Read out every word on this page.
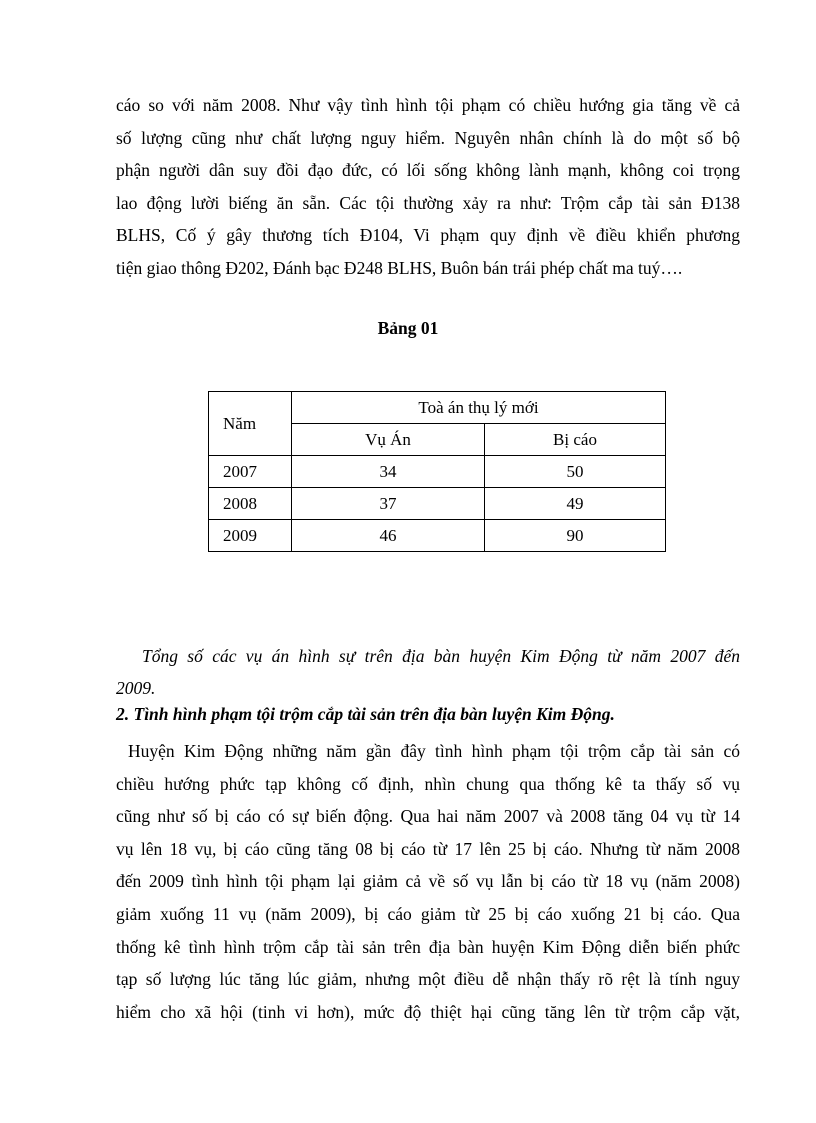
cáo so với năm 2008. Như vậy tình hình tội phạm có chiều hướng gia tăng về cả
số lượng cũng như chất lượng nguy hiểm. Nguyên nhân chính là do một số bộ
phận người dân suy đồi đạo đức, có lối sống không lành mạnh, không coi trọng
lao động lười biếng ăn sẵn. Các tội thường xảy ra như: Trộm cắp tài sản Đ138
BLHS, Cố ý gây thương tích Đ104, Vi phạm quy định về điều khiển phương
tiện giao thông Đ202, Đánh bạc Đ248 BLHS, Buôn bán trái phép chất ma tuý….

Bảng 01

Năm	Toà án thụ lý mới	
	Vụ Án	Bị cáo
2007	34	50
2008	37	49
2009	46	90
Tổng số các vụ án hình sự trên địa bàn huyện Kim Động từ năm 2007 đến
2009.

2. Tình hình phạm tội trộm cắp tài sản trên địa bàn luyện Kim Động.

Huyện Kim Động những năm gần đây tình hình phạm tội trộm cắp tài sản có
chiều hướng phức tạp không cố định, nhìn chung qua thống kê ta thấy số vụ
cũng như số bị cáo có sự biến động. Qua hai năm 2007 và 2008 tăng 04 vụ từ 14
vụ lên 18 vụ, bị cáo cũng tăng 08 bị cáo từ 17 lên 25 bị cáo. Nhưng từ năm 2008
đến 2009 tình hình tội phạm lại giảm cả về số vụ lẫn bị cáo từ 18 vụ (năm 2008)
giảm xuống 11 vụ (năm 2009), bị cáo giảm từ 25 bị cáo xuống 21 bị cáo. Qua
thống kê tình hình trộm cắp tài sản trên địa bàn huyện Kim Động diễn biến phức
tạp số lượng lúc tăng lúc giảm, nhưng một điều dễ nhận thấy rõ rệt là tính nguy
hiểm cho xã hội (tinh vi hơn), mức độ thiệt hại cũng tăng lên từ trộm cắp vặt,
